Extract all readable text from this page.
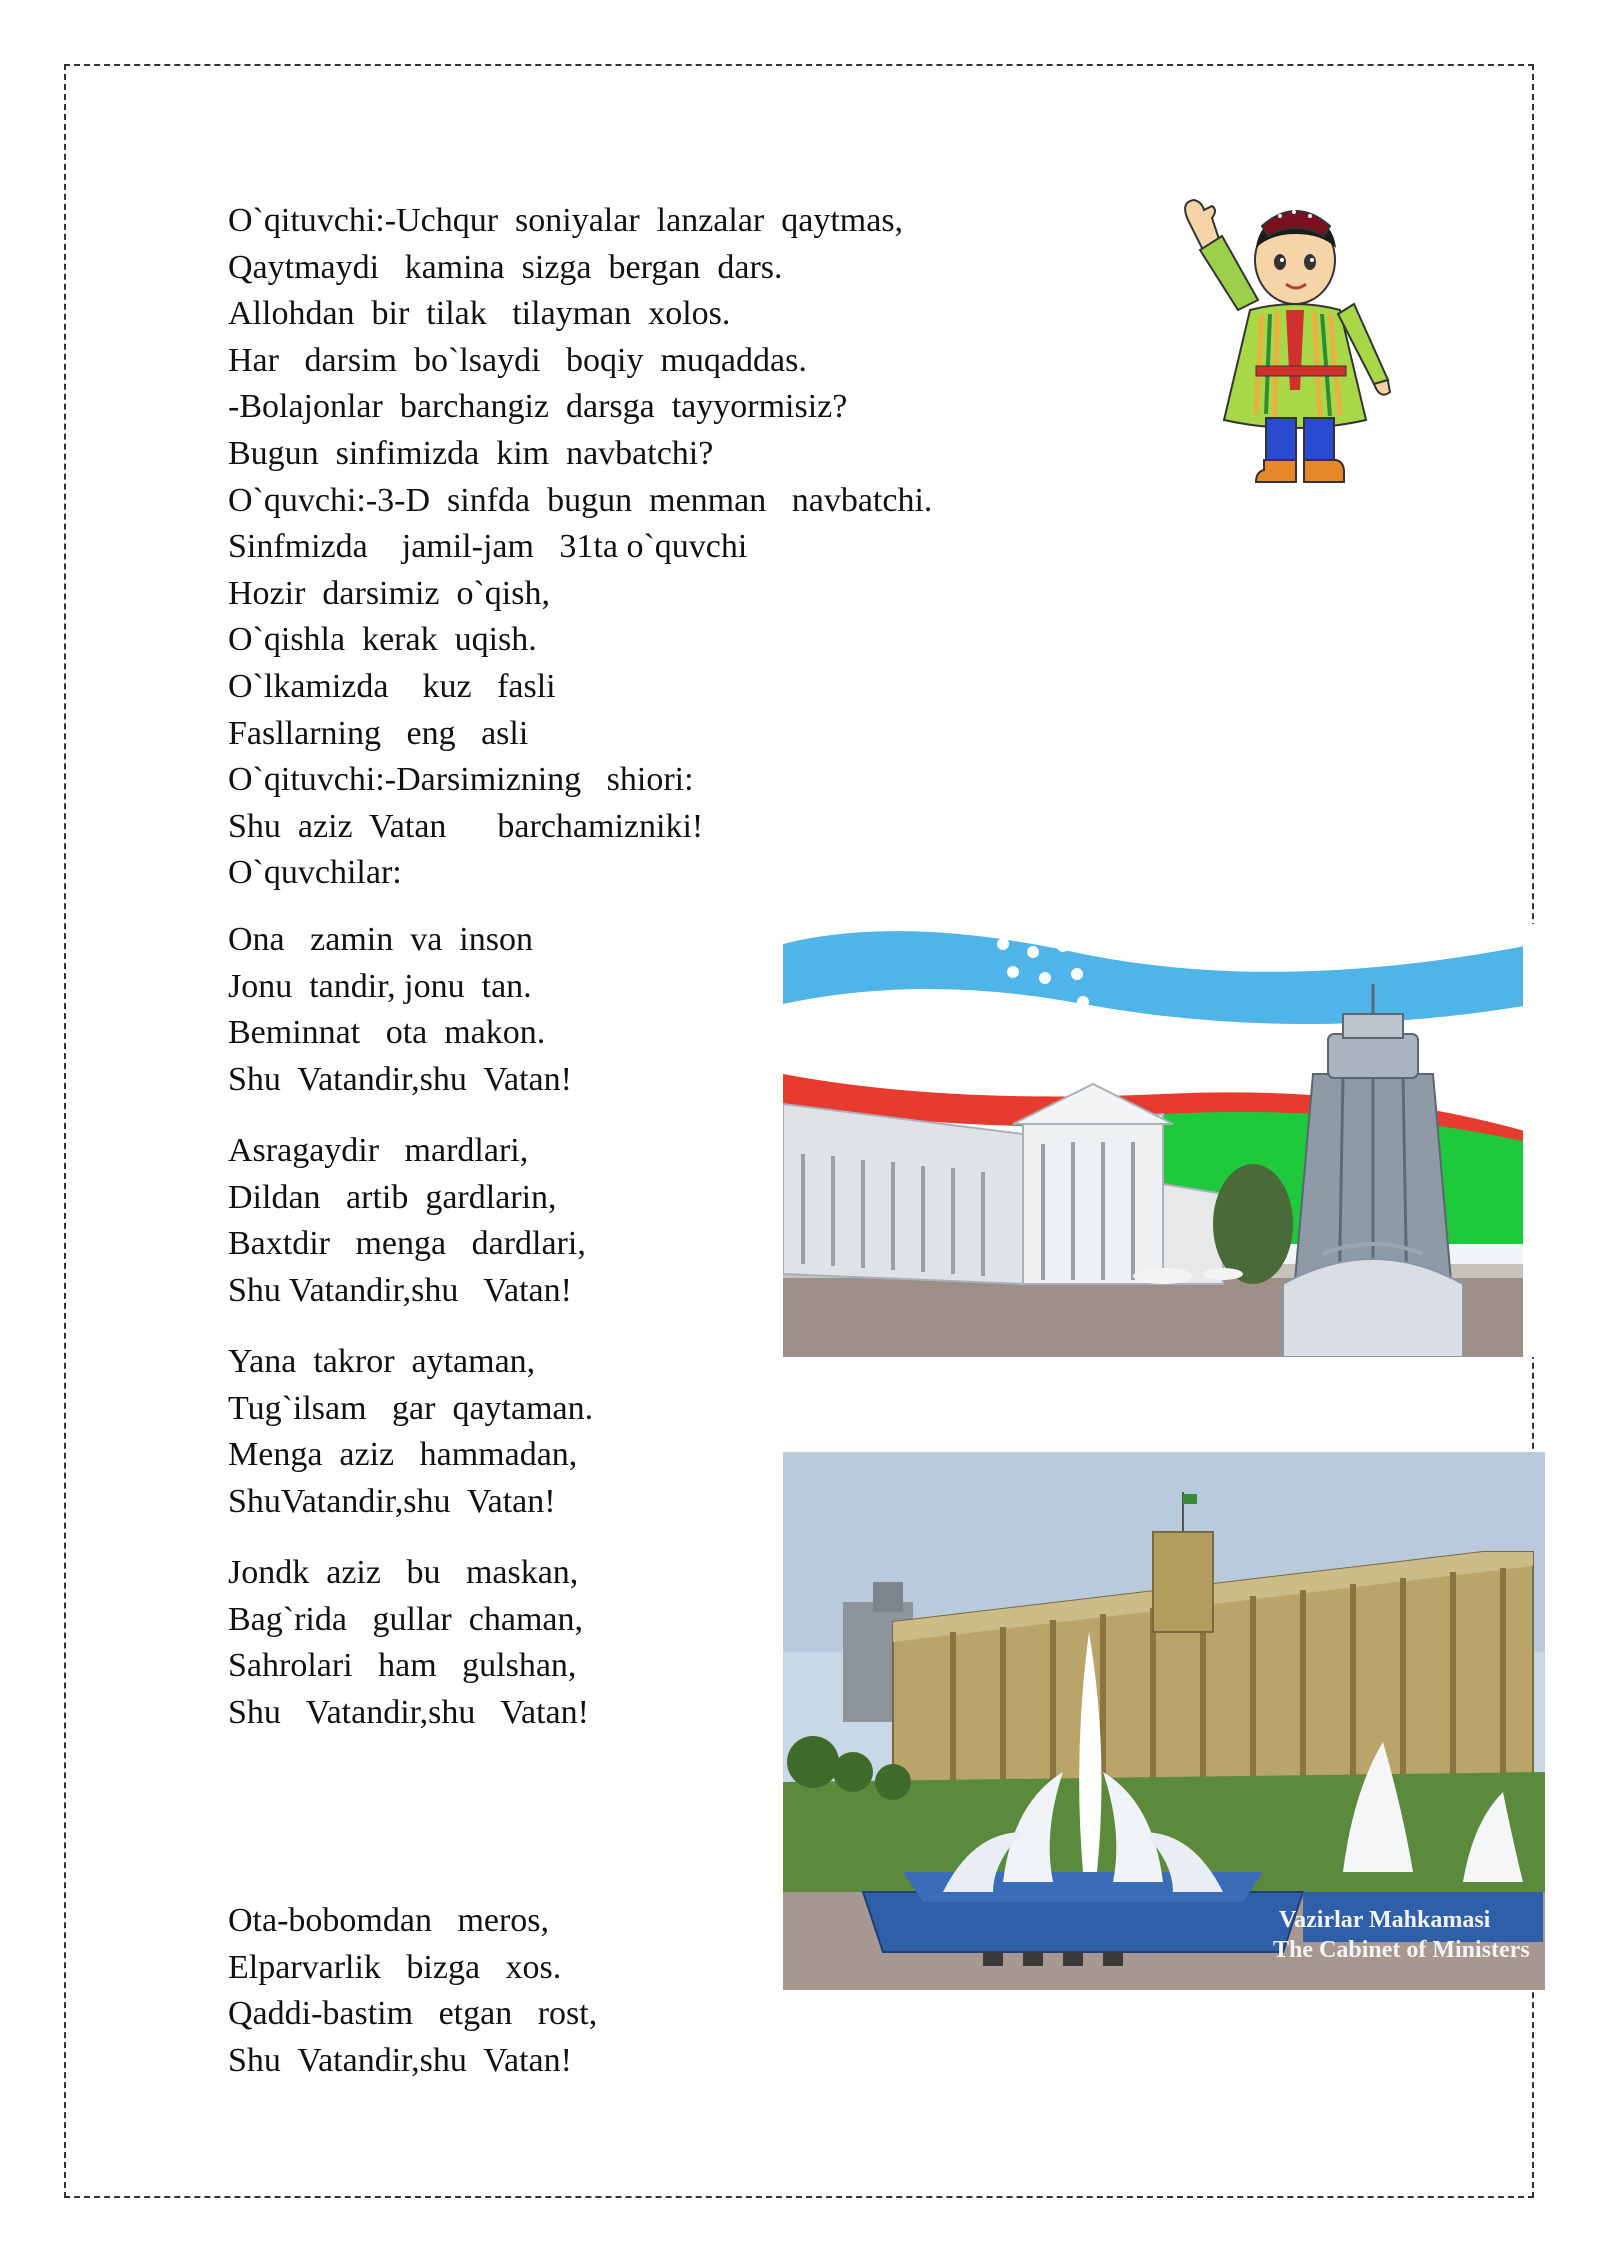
O`qituvchi:-Uchqur  soniyalar  lanzalar  qaytmas,
Qaytmaydi   kamina  sizga  bergan  dars.
Allohdan  bir  tilak   tilayman  xolos.
Har   darsim  bo`lsaydi   boqiy  muqaddas.
-Bolajonlar  barchangiz  darsga  tayyormisiz?
Bugun  sinfimizda  kim  navbatchi?
O`quvchi:-3-D  sinfda  bugun  menman   navbatchi.
Sinfmizda    jamil-jam   31ta o`quvchi
Hozir  darsimiz  o`qish,
O`qishla  kerak  uqish.
O`lkamizda    kuz   fasli
Fasllarning   eng   asli
O`qituvchi:-Darsimizning   shiori:
Shu  aziz  Vatan      barchamizniki!
O`quvchilar:
Ona   zamin  va  inson
Jonu  tandir, jonu  tan.
Beminnat   ota  makon.
Shu  Vatandir,shu  Vatan!
Asragaydir   mardlari,
Dildan   artib  gardlarin,
Baxtdir   menga   dardlari,
Shu Vatandir,shu   Vatan!
Yana  takror  aytaman,
Tug`ilsam   gar  qaytaman.
Menga  aziz   hammadan,
ShuVatandir,shu  Vatan!
Jondk  aziz   bu   maskan,
Bag`rida   gullar  chaman,
Sahrolari   ham   gulshan,
Shu   Vatandir,shu   Vatan!
Ota-bobomdan   meros,
Elparvarlik   bizga   xos.
Qaddi-bastim   etgan   rost,
Shu  Vatandir,shu  Vatan!
Vazirlar Mahkamasi
The Cabinet of Ministers
